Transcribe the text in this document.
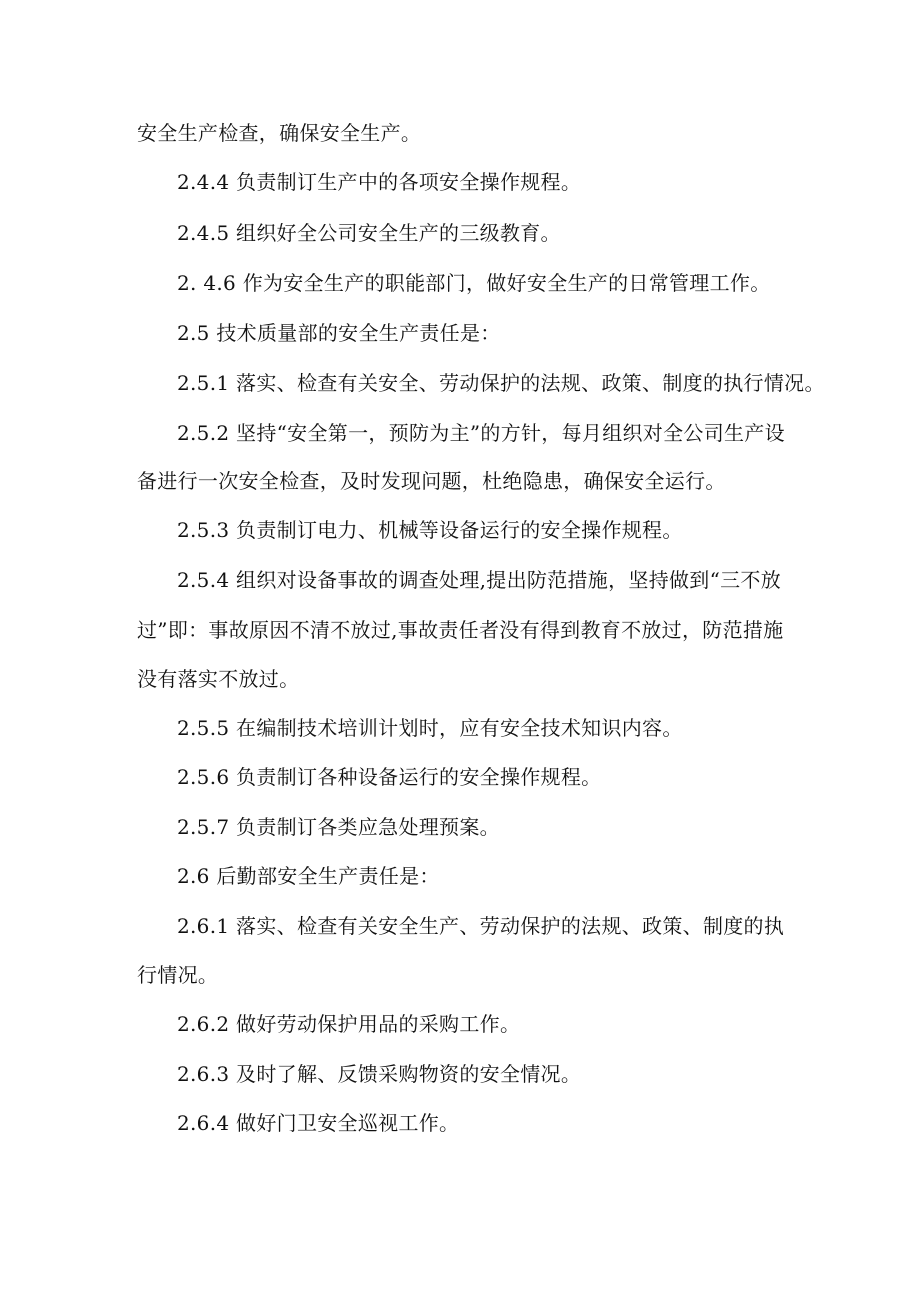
安全生产检查，确保安全生产。
2.4.4 负责制订生产中的各项安全操作规程。
2.4.5 组织好全公司安全生产的三级教育。
2. 4.6 作为安全生产的职能部门，做好安全生产的日常管理工作。
2.5 技术质量部的安全生产责任是：
2.5.1 落实、检查有关安全、劳动保护的法规、政策、制度的执行情况。
2.5.2 坚持“安全第一，预防为主”的方针，每月组织对全公司生产设
备进行一次安全检查，及时发现问题，杜绝隐患，确保安全运行。
2.5.3 负责制订电力、机械等设备运行的安全操作规程。
2.5.4 组织对设备事故的调查处理,提出防范措施，坚持做到“三不放
过”即：事故原因不清不放过,事故责任者没有得到教育不放过，防范措施
没有落实不放过。
2.5.5 在编制技术培训计划时，应有安全技术知识内容。
2.5.6 负责制订各种设备运行的安全操作规程。
2.5.7 负责制订各类应急处理预案。
2.6 后勤部安全生产责任是：
2.6.1 落实、检查有关安全生产、劳动保护的法规、政策、制度的执
行情况。
2.6.2 做好劳动保护用品的采购工作。
2.6.3 及时了解、反馈采购物资的安全情况。
2.6.4 做好门卫安全巡视工作。
